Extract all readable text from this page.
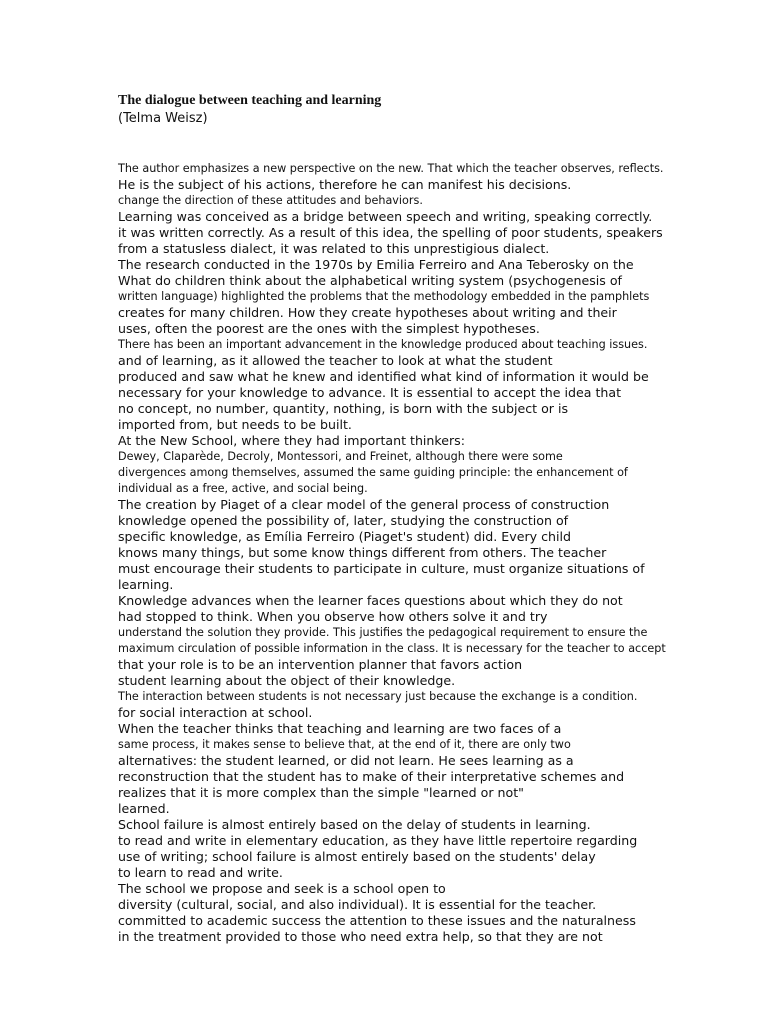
The dialogue between teaching and learning
(Telma Weisz)
The author emphasizes a new perspective on the new. That which the teacher observes, reflects.
He is the subject of his actions, therefore he can manifest his decisions.
change the direction of these attitudes and behaviors.
Learning was conceived as a bridge between speech and writing, speaking correctly.
it was written correctly. As a result of this idea, the spelling of poor students, speakers
from a statusless dialect, it was related to this unprestigious dialect.
The research conducted in the 1970s by Emilia Ferreiro and Ana Teberosky on the
What do children think about the alphabetical writing system (psychogenesis of
written language) highlighted the problems that the methodology embedded in the pamphlets
creates for many children. How they create hypotheses about writing and their
uses, often the poorest are the ones with the simplest hypotheses.
There has been an important advancement in the knowledge produced about teaching issues.
and of learning, as it allowed the teacher to look at what the student
produced and saw what he knew and identified what kind of information it would be
necessary for your knowledge to advance. It is essential to accept the idea that
no concept, no number, quantity, nothing, is born with the subject or is
imported from, but needs to be built.
At the New School, where they had important thinkers:
Dewey, Claparède, Decroly, Montessori, and Freinet, although there were some
divergences among themselves, assumed the same guiding principle: the enhancement of
individual as a free, active, and social being.
The creation by Piaget of a clear model of the general process of construction
knowledge opened the possibility of, later, studying the construction of
specific knowledge, as Emília Ferreiro (Piaget's student) did. Every child
knows many things, but some know things different from others. The teacher
must encourage their students to participate in culture, must organize situations of
learning.
Knowledge advances when the learner faces questions about which they do not
had stopped to think. When you observe how others solve it and try
understand the solution they provide. This justifies the pedagogical requirement to ensure the
maximum circulation of possible information in the class. It is necessary for the teacher to accept
that your role is to be an intervention planner that favors action
student learning about the object of their knowledge.
The interaction between students is not necessary just because the exchange is a condition.
for social interaction at school.
When the teacher thinks that teaching and learning are two faces of a
same process, it makes sense to believe that, at the end of it, there are only two
alternatives: the student learned, or did not learn. He sees learning as a
reconstruction that the student has to make of their interpretative schemes and
realizes that it is more complex than the simple "learned or not"
learned.
School failure is almost entirely based on the delay of students in learning.
to read and write in elementary education, as they have little repertoire regarding
use of writing; school failure is almost entirely based on the students' delay
to learn to read and write.
The school we propose and seek is a school open to
diversity (cultural, social, and also individual). It is essential for the teacher.
committed to academic success the attention to these issues and the naturalness
in the treatment provided to those who need extra help, so that they are not
